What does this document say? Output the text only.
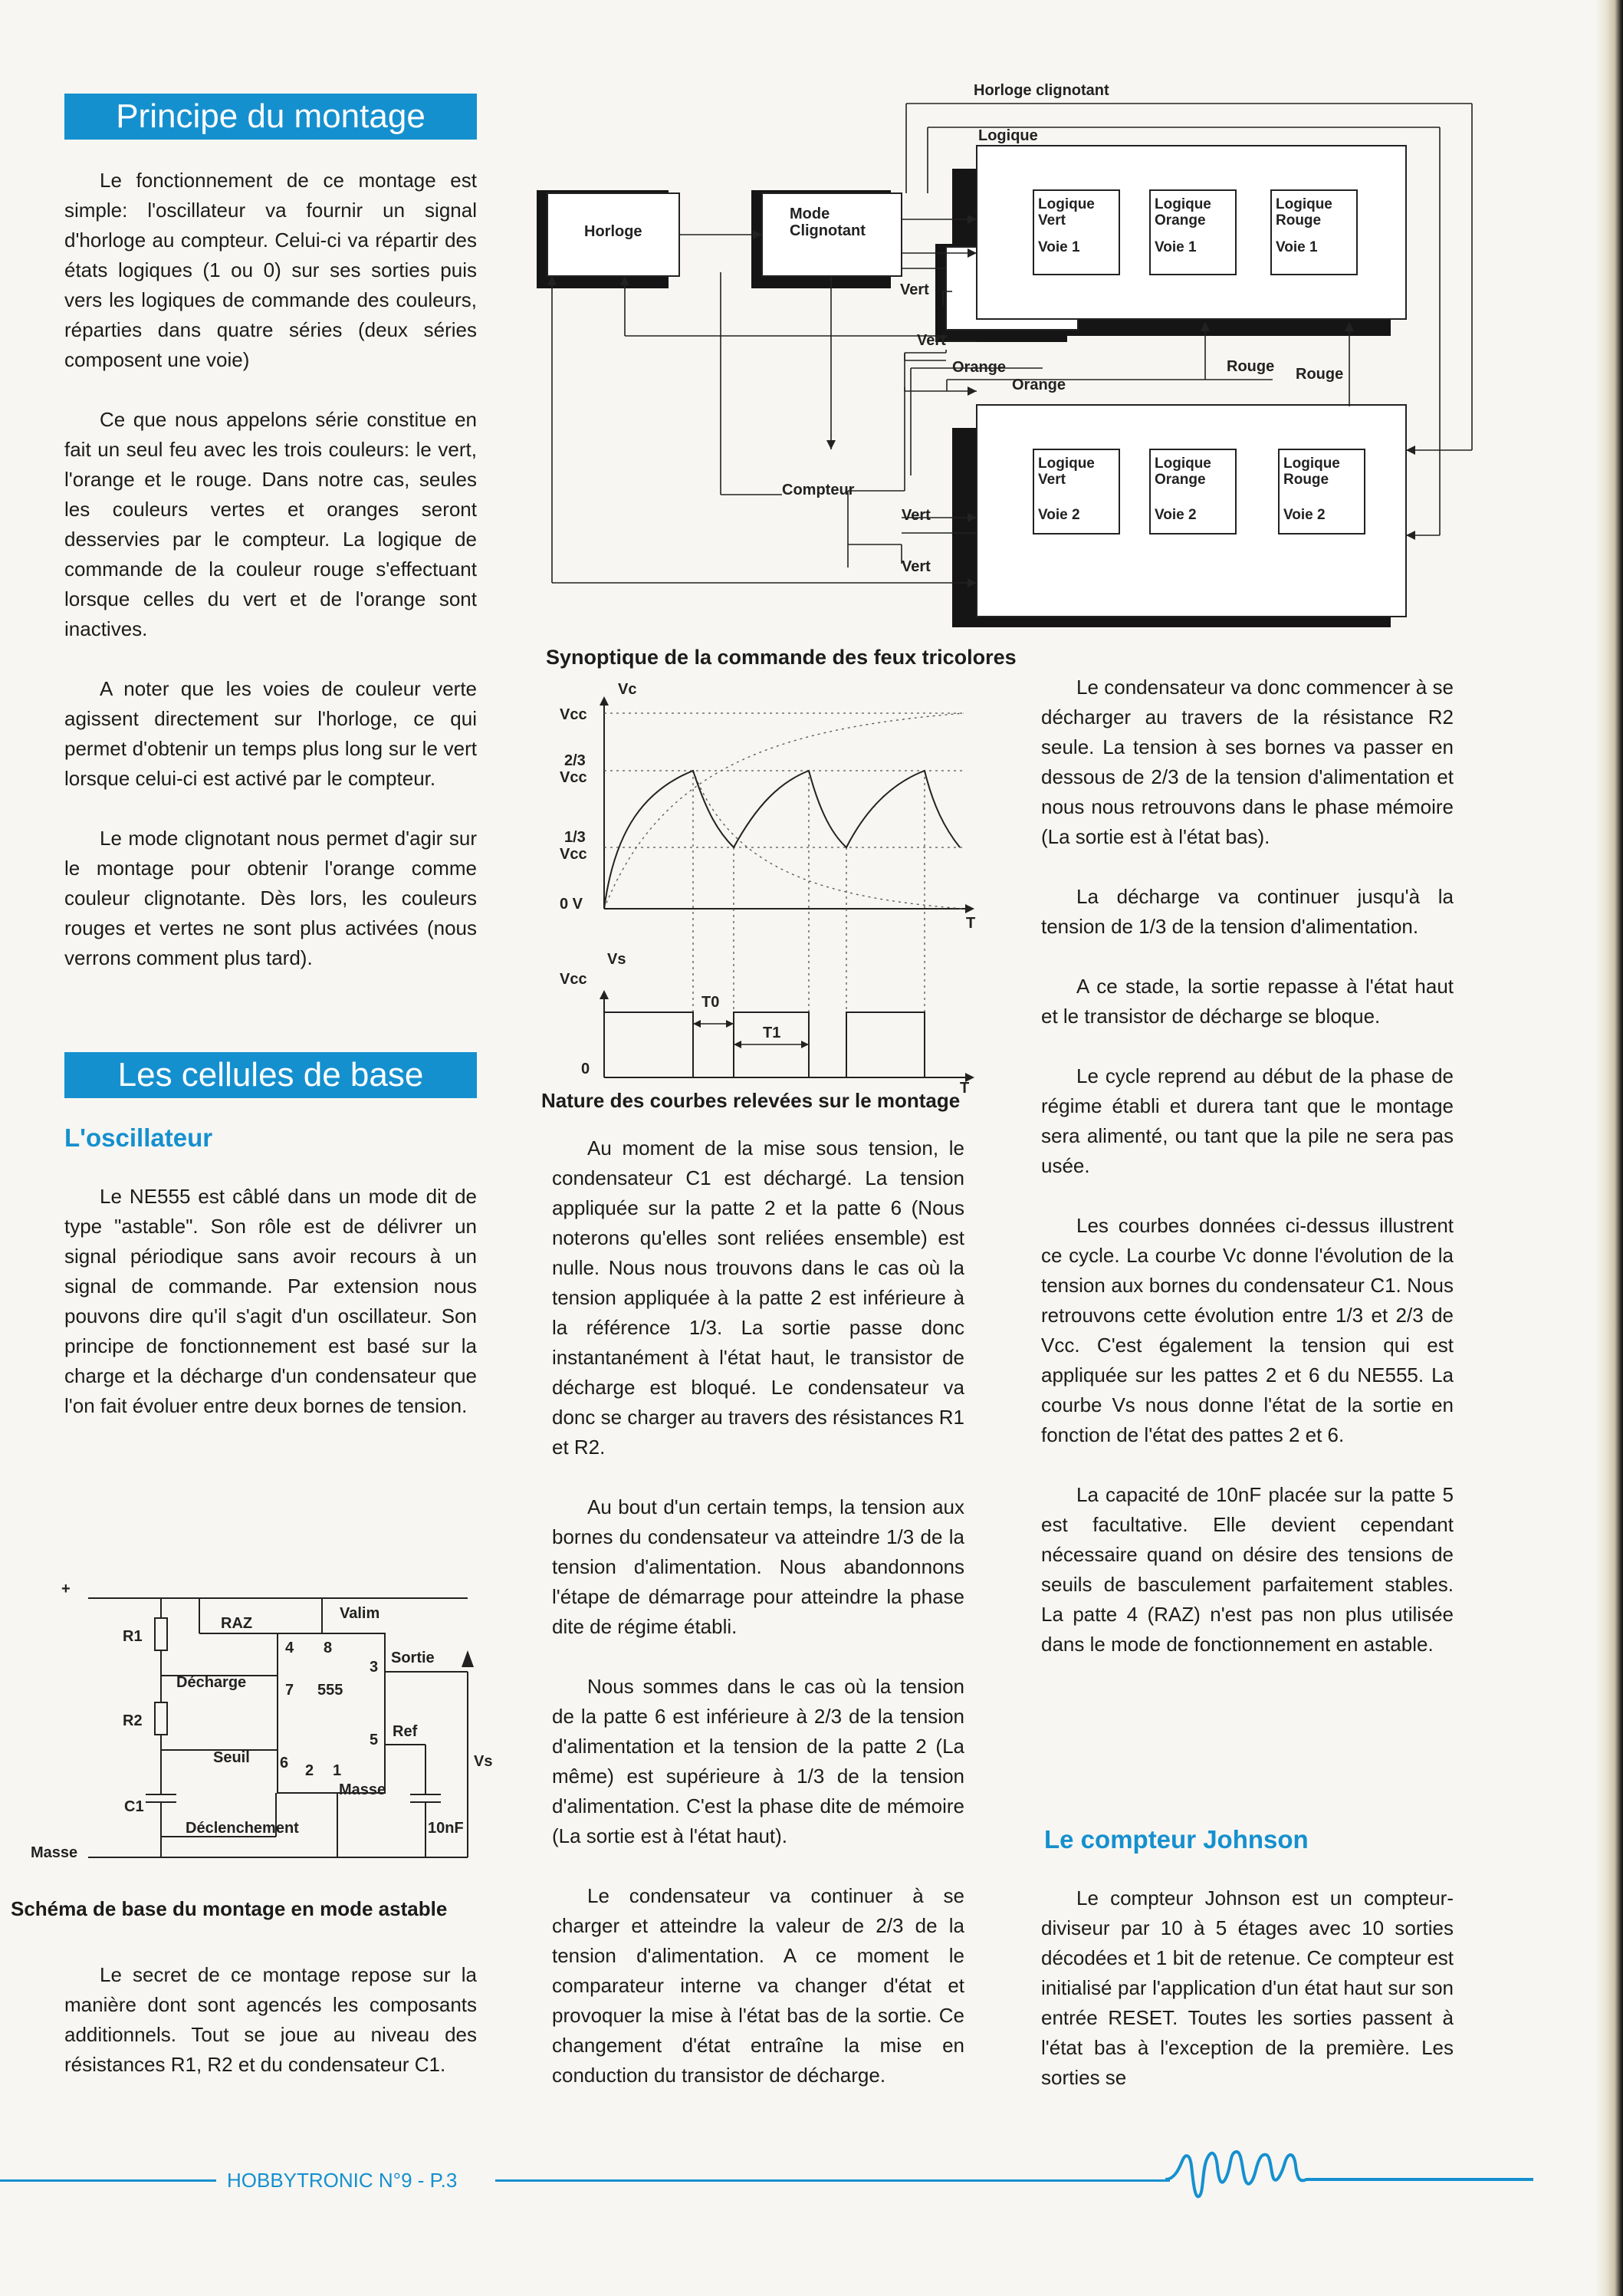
Principe du montage

Le fonctionnement de ce montage est simple: l'oscillateur va fournir un signal d'horloge au compteur. Celui-ci va répartir des états logiques (1 ou 0) sur ses sorties puis vers les logiques de commande des couleurs, réparties dans quatre séries (deux séries composent une voie)

Ce que nous appelons série constitue en fait un seul feu avec les trois couleurs: le vert, l'orange et le rouge. Dans notre cas, seules les couleurs vertes et oranges seront desservies par le compteur. La logique de commande de la couleur rouge s'effectuant lorsque celles du vert et de l'orange sont inactives.

A noter que les voies de couleur verte agissent directement sur l'horloge, ce qui permet d'obtenir un temps plus long sur le vert lorsque celui-ci est activé par le compteur.

Le mode clignotant nous permet d'agir sur le montage pour obtenir l'orange comme couleur clignotante. Dès lors, les couleurs rouges et vertes ne sont plus activées (nous verrons comment plus tard).

Les cellules de base
L'oscillateur

Le NE555 est câblé dans un mode dit de type "astable". Son rôle est de délivrer un signal périodique sans avoir recours à un signal de commande. Par extension nous pouvons dire qu'il s'agit d'un oscillateur. Son principe de fonctionnement est basé sur la charge et la décharge d'un condensateur que l'on fait évoluer entre deux bornes de tension.

+
R1
R2
C1
Masse
RAZ
Décharge
Seuil
Déclenchement
Valim
Sortie
Ref
Masse
Vs
10nF
4 8
3
7 555
5
6 2 1
Schéma de base du montage en mode astable

Le secret de ce montage repose sur la manière dont sont agencés les composants additionnels. Tout se joue au niveau des résistances R1, R2 et du condensateur C1.

Horloge clignotant
Logique
Horloge
Mode
Clignotant
Compteur
Vert
Vert
Orange
Orange
Rouge Rouge
Vert
Vert
Logique
Vert
Voie 1
Logique
Orange
Voie 1
Logique
Rouge
Voie 1
Logique
Vert
Voie 2
Logique
Orange
Voie 2
Logique
Rouge
Voie 2
Synoptique de la commande des feux tricolores
Vc
Vcc
2/3
Vcc
1/3
Vcc
0 V
T
Vs
Vcc
T0
T1
0
T
Nature des courbes relevées sur le montage

Au moment de la mise sous tension, le condensateur C1 est déchargé. La tension appliquée sur la patte 2 et la patte 6 (Nous noterons qu'elles sont reliées ensemble) est nulle. Nous nous trouvons dans le cas où la tension appliquée à la patte 2 est inférieure à la référence 1/3. La sortie passe donc instantanément à l'état haut, le transistor de décharge est bloqué. Le condensateur va donc se charger au travers des résistances R1 et R2.

Au bout d'un certain temps, la tension aux bornes du condensateur va atteindre 1/3 de la tension d'alimentation. Nous abandonnons l'étape de démarrage pour atteindre la phase dite de régime établi.

Nous sommes dans le cas où la tension de la patte 6 est inférieure à 2/3 de la tension d'alimentation et la tension de la patte 2 (La même) est supérieure à 1/3 de la tension d'alimentation. C'est la phase dite de mémoire (La sortie est à l'état haut).

Le condensateur va continuer à se charger et atteindre la valeur de 2/3 de la tension d'alimentation. A ce moment le comparateur interne va changer d'état et provoquer la mise à l'état bas de la sortie. Ce changement d'état entraîne la mise en conduction du transistor de décharge.

Le condensateur va donc commencer à se décharger au travers de la résistance R2 seule. La tension à ses bornes va passer en dessous de 2/3 de la tension d'alimentation et nous nous retrouvons dans le phase mémoire (La sortie est à l'état bas).

La décharge va continuer jusqu'à la tension de 1/3 de la tension d'alimentation.

A ce stade, la sortie repasse à l'état haut et le transistor de décharge se bloque.

Le cycle reprend au début de la phase de régime établi et durera tant que le montage sera alimenté, ou tant que la pile ne sera pas usée.

Les courbes données ci-dessus illustrent ce cycle. La courbe Vc donne l'évolution de la tension aux bornes du condensateur C1. Nous retrouvons cette évolution entre 1/3 et 2/3 de Vcc. C'est également la tension qui est appliquée sur les pattes 2 et 6 du NE555. La courbe Vs nous donne l'état de la sortie en fonction de l'état des pattes 2 et 6.

La capacité de 10nF placée sur la patte 5 est facultative. Elle devient cependant nécessaire quand on désire des tensions de seuils de basculement parfaitement stables. La patte 4 (RAZ) n'est pas non plus utilisée dans le mode de fonctionnement en astable.

Le compteur Johnson

Le compteur Johnson est un compteur-diviseur par 10 à 5 étages avec 10 sorties décodées et 1 bit de retenue. Ce compteur est initialisé par l'application d'un état haut sur son entrée RESET. Toutes les sorties passent à l'état bas à l'exception de la première. Les sorties se

HOBBYTRONIC N°9 - P.3
